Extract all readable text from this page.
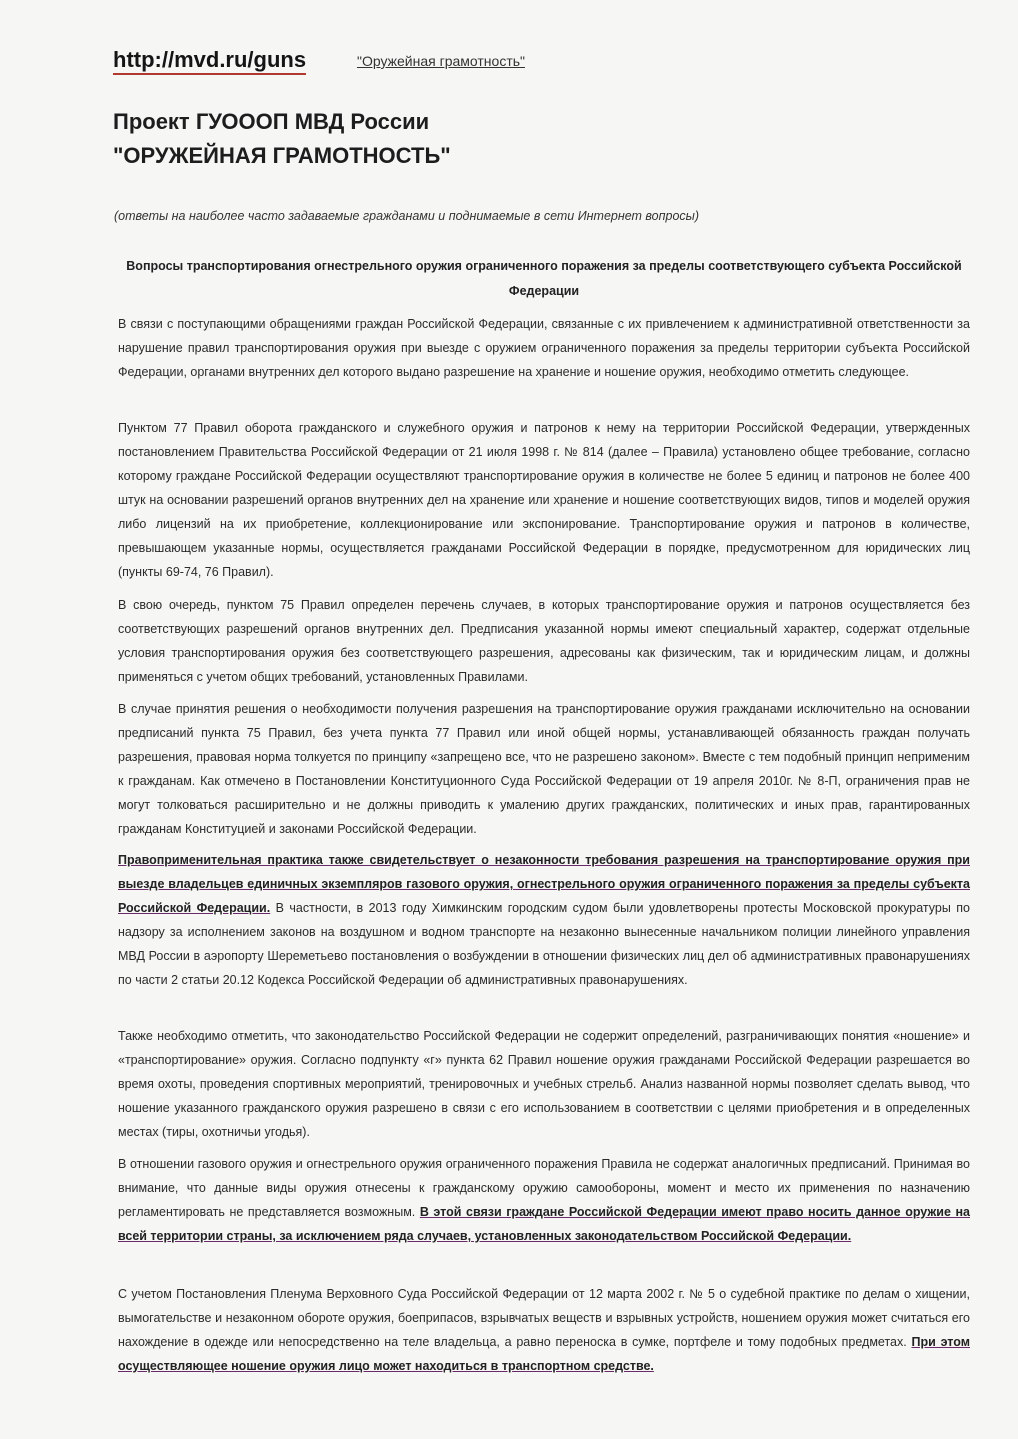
http://mvd.ru/guns	"Оружейная грамотность"
Проект ГУОООП МВД России
"ОРУЖЕЙНАЯ ГРАМОТНОСТЬ"
(ответы на наиболее часто задаваемые гражданами и поднимаемые в сети Интернет вопросы)
Вопросы транспортирования огнестрельного оружия ограниченного поражения за пределы соответствующего субъекта Российской Федерации
В связи с поступающими обращениями граждан Российской Федерации, связанные с их привлечением к административной ответственности за нарушение правил транспортирования оружия при выезде с оружием ограниченного поражения за пределы территории субъекта Российской Федерации, органами внутренних дел которого выдано разрешение на хранение и ношение оружия, необходимо отметить следующее.
Пунктом 77 Правил оборота гражданского и служебного оружия и патронов к нему на территории Российской Федерации, утвержденных постановлением Правительства Российской Федерации от 21 июля 1998 г. № 814 (далее – Правила) установлено общее требование, согласно которому граждане Российской Федерации осуществляют транспортирование оружия в количестве не более 5 единиц и патронов не более 400 штук на основании разрешений органов внутренних дел на хранение или хранение и ношение соответствующих видов, типов и моделей оружия либо лицензий на их приобретение, коллекционирование или экспонирование. Транспортирование оружия и патронов в количестве, превышающем указанные нормы, осуществляется гражданами Российской Федерации в порядке, предусмотренном для юридических лиц (пункты 69-74, 76 Правил).
В свою очередь, пунктом 75 Правил определен перечень случаев, в которых транспортирование оружия и патронов осуществляется без соответствующих разрешений органов внутренних дел. Предписания указанной нормы имеют специальный характер, содержат отдельные условия транспортирования оружия без соответствующего разрешения, адресованы как физическим, так и юридическим лицам, и должны применяться с учетом общих требований, установленных Правилами.
В случае принятия решения о необходимости получения разрешения на транспортирование оружия гражданами исключительно на основании предписаний пункта 75 Правил, без учета пункта 77 Правил или иной общей нормы, устанавливающей обязанность граждан получать разрешения, правовая норма толкуется по принципу «запрещено все, что не разрешено законом». Вместе с тем подобный принцип неприменим к гражданам. Как отмечено в Постановлении Конституционного Суда Российской Федерации от 19 апреля 2010г. № 8-П, ограничения прав не могут толковаться расширительно и не должны приводить к умалению других гражданских, политических и иных прав, гарантированных гражданам Конституцией и законами Российской Федерации.
Правоприменительная практика также свидетельствует о незаконности требования разрешения на транспортирование оружия при выезде владельцев единичных экземпляров газового оружия, огнестрельного оружия ограниченного поражения за пределы субъекта Российской Федерации. В частности, в 2013 году Химкинским городским судом были удовлетворены протесты Московской прокуратуры по надзору за исполнением законов на воздушном и водном транспорте на незаконно вынесенные начальником полиции линейного управления МВД России в аэропорту Шереметьево постановления о возбуждении в отношении физических лиц дел об административных правонарушениях по части 2 статьи 20.12 Кодекса Российской Федерации об административных правонарушениях.
Также необходимо отметить, что законодательство Российской Федерации не содержит определений, разграничивающих понятия «ношение» и «транспортирование» оружия. Согласно подпункту «г» пункта 62 Правил ношение оружия гражданами Российской Федерации разрешается во время охоты, проведения спортивных мероприятий, тренировочных и учебных стрельб. Анализ названной нормы позволяет сделать вывод, что ношение указанного гражданского оружия разрешено в связи с его использованием в соответствии с целями приобретения и в определенных местах (тиры, охотничьи угодья).
В отношении газового оружия и огнестрельного оружия ограниченного поражения Правила не содержат аналогичных предписаний. Принимая во внимание, что данные виды оружия отнесены к гражданскому оружию самообороны, момент и место их применения по назначению регламентировать не представляется возможным. В этой связи граждане Российской Федерации имеют право носить данное оружие на всей территории страны, за исключением ряда случаев, установленных законодательством Российской Федерации.
С учетом Постановления Пленума Верховного Суда Российской Федерации от 12 марта 2002 г. № 5 о судебной практике по делам о хищении, вымогательстве и незаконном обороте оружия, боеприпасов, взрывчатых веществ и взрывных устройств, ношением оружия может считаться его нахождение в одежде или непосредственно на теле владельца, а равно переноска в сумке, портфеле и тому подобных предметах. При этом осуществляющее ношение оружия лицо может находиться в транспортном средстве.
